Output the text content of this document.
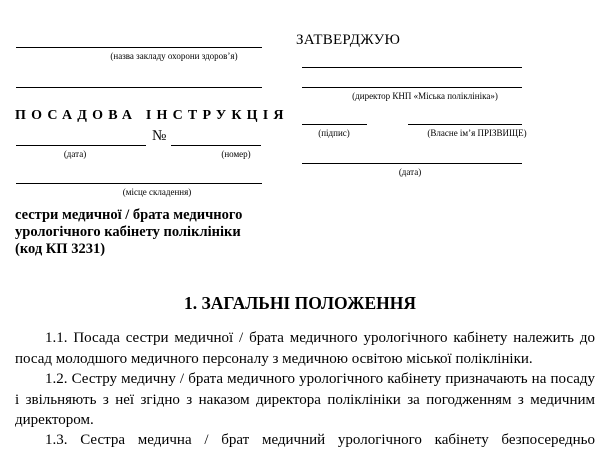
(назва закладу охорони здоров’я)
ПОСАДОВА ІНСТРУКЦІЯ
№
(дата)	(номер)
(місце складення)
сестри медичної / брата медичного
урологічного кабінету поліклініки
(код КП 3231)
ЗАТВЕРДЖУЮ
(директор КНП «Міська поліклініка»)
(підпис)	(Власне ім’я ПРІЗВИЩЕ)
(дата)
1. ЗАГАЛЬНІ ПОЛОЖЕННЯ
1.1. Посада сестри медичної / брата медичного урологічного кабінету належить до посад молодшого медичного персоналу з медичною освітою міської поліклініки.
1.2. Сестру медичну / брата медичного урологічного кабінету призначають на посаду і звільняють з неї згідно з наказом директора поліклініки за погодженням з медичним директором.
1.3. Сестра медична / брат медичний урологічного кабінету безпосередньо
